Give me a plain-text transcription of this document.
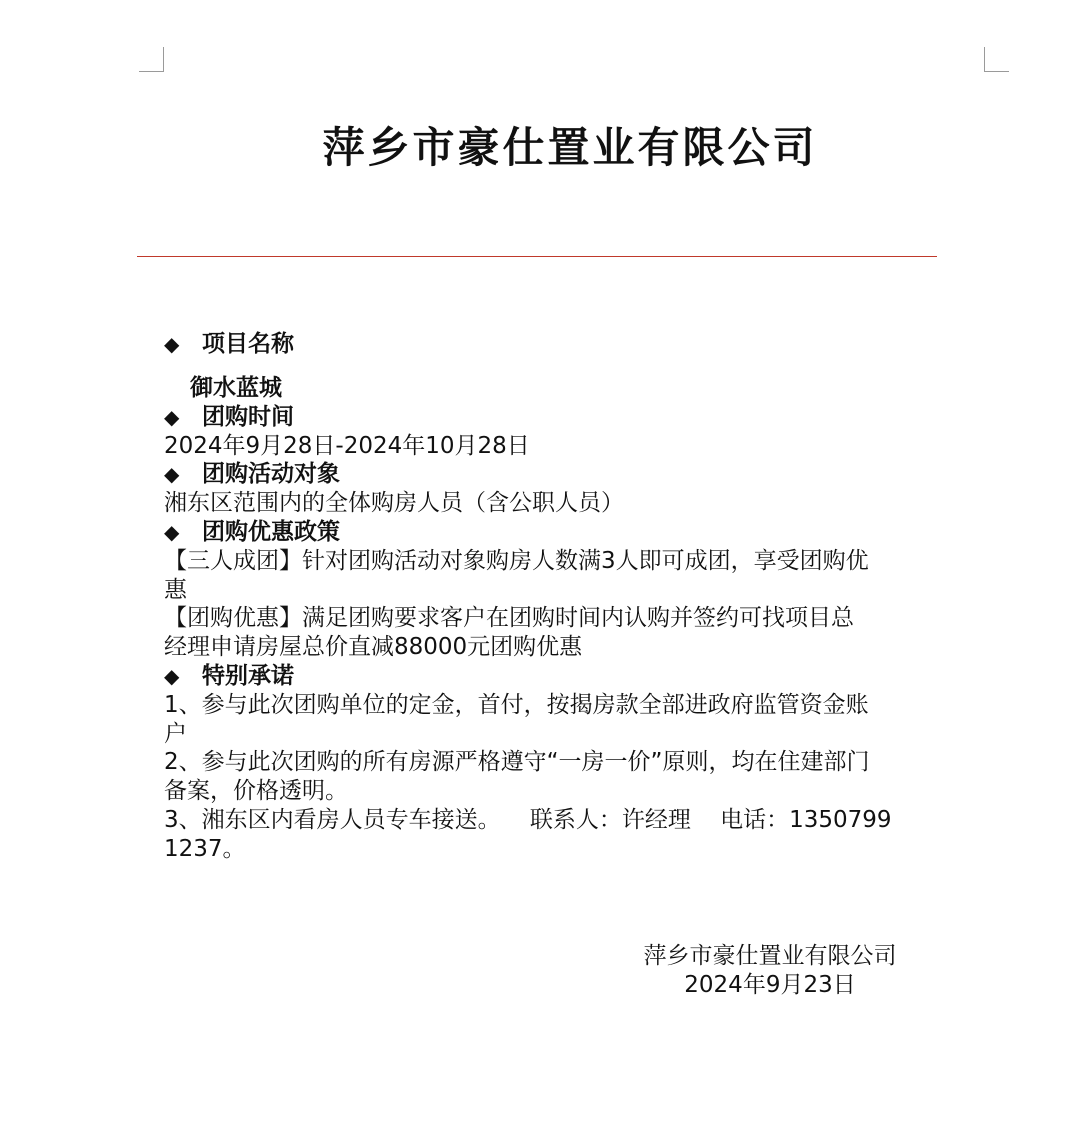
萍乡市豪仕置业有限公司
◆ 项目名称
御水蓝城
◆ 团购时间
2024年9月28日-2024年10月28日
◆ 团购活动对象
湘东区范围内的全体购房人员（含公职人员）
◆ 团购优惠政策
【三人成团】针对团购活动对象购房人数满3人即可成团，享受团购优
惠
【团购优惠】满足团购要求客户在团购时间内认购并签约可找项目总
经理申请房屋总价直减88000元团购优惠
◆ 特别承诺
1、参与此次团购单位的定金，首付，按揭房款全部进政府监管资金账
户
2、参与此次团购的所有房源严格遵守“一房一价”原则，均在住建部门
备案，价格透明。
3、湘东区内看房人员专车接送。    联系人：许经理    电话：1350799
1237。
萍乡市豪仕置业有限公司
2024年9月23日
